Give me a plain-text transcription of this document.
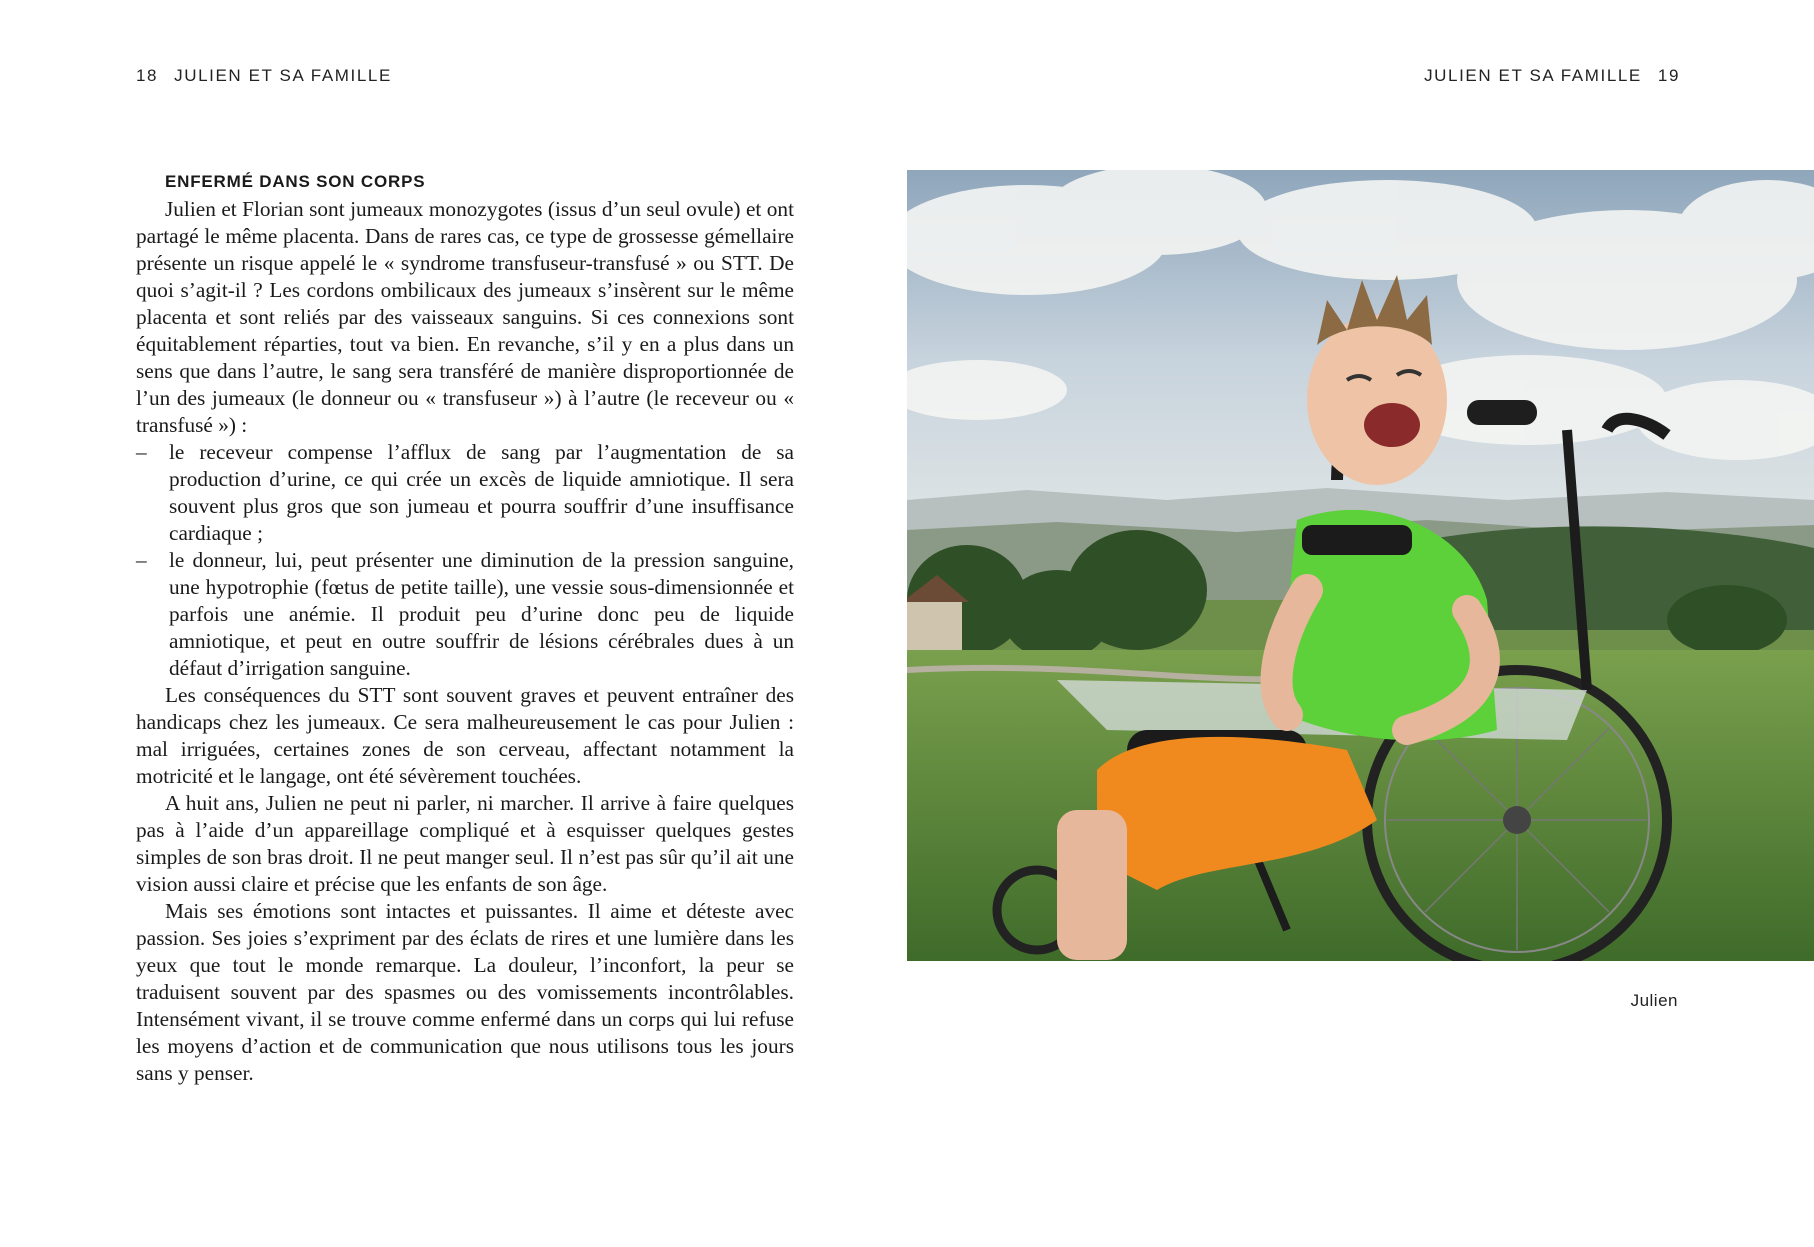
18 JULIEN ET SA FAMILLE	JULIEN ET SA FAMILLE 19
ENFERMÉ DANS SON CORPS

Julien et Florian sont jumeaux monozygotes (issus d’un seul ovule) et ont partagé le même placenta. Dans de rares cas, ce type de grossesse gémellaire présente un risque appelé le « syndrome transfuseur-transfusé » ou STT. De quoi s’agit-il ? Les cordons ombilicaux des jumeaux s’insèrent sur le même placenta et sont reliés par des vaisseaux sanguins. Si ces connexions sont équitablement réparties, tout va bien. En revanche, s’il y en a plus dans un sens que dans l’autre, le sang sera transféré de manière disproportionnée de l’un des jumeaux (le donneur ou « transfuseur ») à l’autre (le receveur ou « transfusé ») :

– le receveur compense l’afflux de sang par l’augmentation de sa production d’urine, ce qui crée un excès de liquide amniotique. Il sera souvent plus gros que son jumeau et pourra souffrir d’une insuffisance cardiaque ;
– le donneur, lui, peut présenter une diminution de la pression sanguine, une hypotrophie (fœtus de petite taille), une vessie sous-dimensionnée et parfois une anémie. Il produit peu d’urine donc peu de liquide amniotique, et peut en outre souffrir de lésions cérébrales dues à un défaut d’irrigation sanguine.

Les conséquences du STT sont souvent graves et peuvent entraîner des handicaps chez les jumeaux. Ce sera malheureusement le cas pour Julien : mal irriguées, certaines zones de son cerveau, affectant notamment la motricité et le langage, ont été sévèrement touchées.

A huit ans, Julien ne peut ni parler, ni marcher. Il arrive à faire quelques pas à l’aide d’un appareillage compliqué et à esquisser quelques gestes simples de son bras droit. Il ne peut manger seul. Il n’est pas sûr qu’il ait une vision aussi claire et précise que les enfants de son âge.

Mais ses émotions sont intactes et puissantes. Il aime et déteste avec passion. Ses joies s’expriment par des éclats de rires et une lumière dans les yeux que tout le monde remarque. La douleur, l’inconfort, la peur se traduisent souvent par des spasmes ou des vomissements incontrôlables. Intensément vivant, il se trouve comme enfermé dans un corps qui lui refuse les moyens d’action et de communication que nous utilisons tous les jours sans y penser.

Julien
